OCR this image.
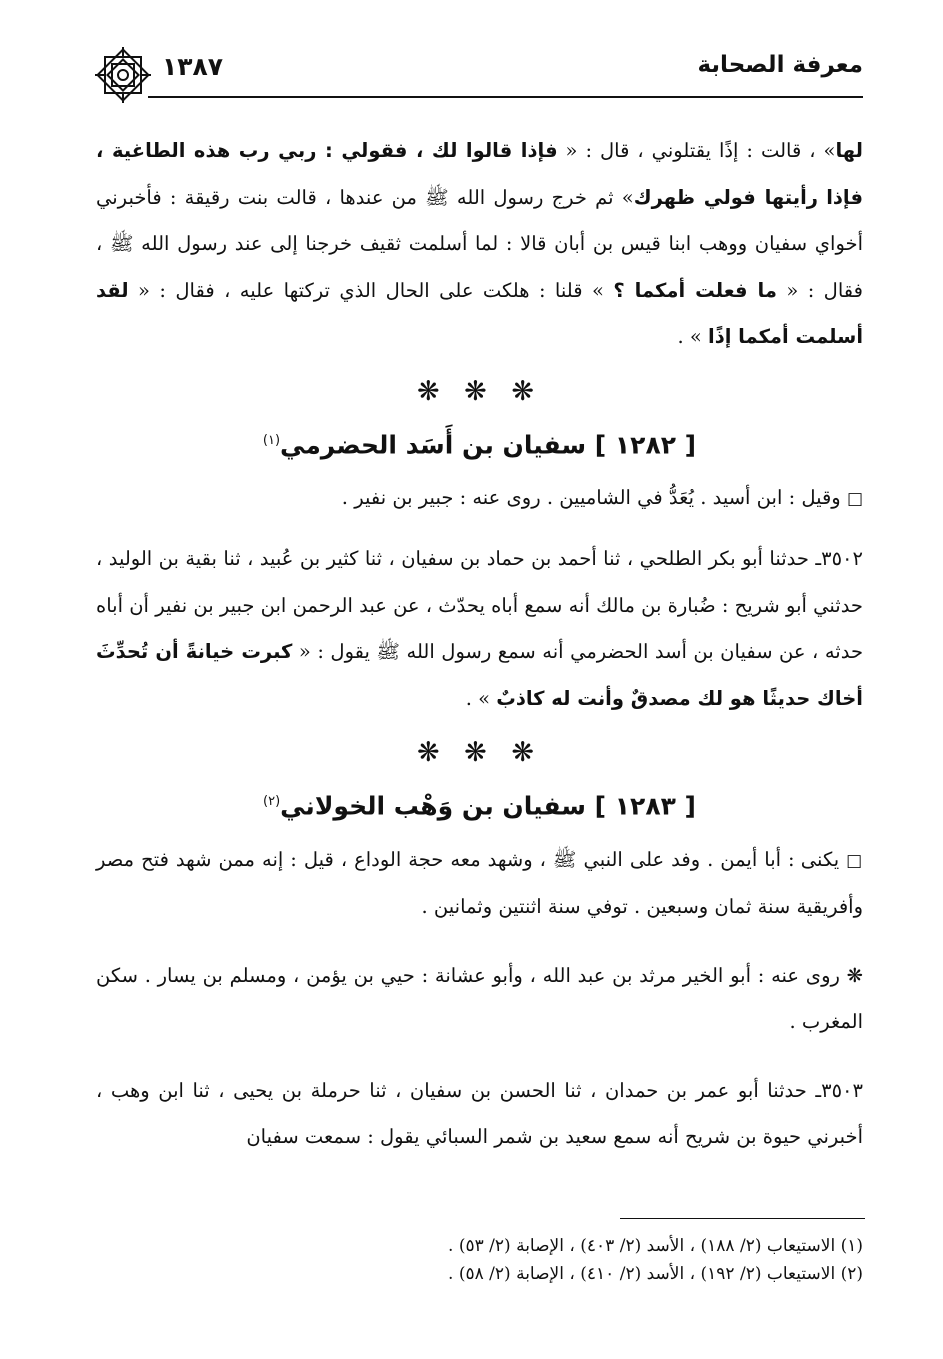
معرفة الصحابة
١٣٨٧

لها» ، قالت : إذًا يقتلوني ، قال : « فإذا قالوا لك ، فقولي : ربي رب هذه الطاغية ، فإذا رأيتها فولي ظهرك» ثم خرج رسول الله ﷺ من عندها ، قالت بنت رقيقة : فأخبرني أخواي سفيان ووهب ابنا قيس بن أبان قالا : لما أسلمت ثقيف خرجنا إلى عند رسول الله ﷺ ، فقال : « ما فعلت أمكما ؟ » قلنا : هلكت على الحال الذي تركتها عليه ، فقال : « لقد أسلمت أمكما إذًا » .

❋ ❋ ❋
[ ١٢٨٢ ] سفيان بن أَسَد الحضرمي$^{(١)}$

□ وقيل : ابن أسيد . يُعَدُّ في الشاميين . روى عنه : جبير بن نفير .

٣٥٠٢ـ حدثنا أبو بكر الطلحي ، ثنا أحمد بن حماد بن سفيان ، ثنا كثير بن عُبيد ، ثنا بقية بن الوليد ، حدثني أبو شريح : ضُبارة بن مالك أنه سمع أباه يحدّث ، عن عبد الرحمن ابن جبير بن نفير أن أباه حدثه ، عن سفيان بن أسد الحضرمي أنه سمع رسول الله ﷺ يقول : « كبرت خيانةً أن تُحدِّثَ أخاك حديثًا هو لك مصدقٌ وأنت له كاذبٌ » .

❋ ❋ ❋
[ ١٢٨٣ ] سفيان بن وَهْب الخولاني$^{(٢)}$

□ يكنى : أبا أيمن . وفد على النبي ﷺ ، وشهد معه حجة الوداع ، قيل : إنه ممن شهد فتح مصر وأفريقية سنة ثمان وسبعين . توفي سنة اثنتين وثمانين .

❋ روى عنه : أبو الخير مرثد بن عبد الله ، وأبو عشانة : حيي بن يؤمن ، ومسلم بن يسار . سكن المغرب .

٣٥٠٣ـ حدثنا أبو عمر بن حمدان ، ثنا الحسن بن سفيان ، ثنا حرملة بن يحيى ، ثنا ابن وهب ، أخبرني حيوة بن شريح أنه سمع سعيد بن شمر السبائي يقول : سمعت سفيان

(١) الاستيعاب (٢/ ١٨٨) ، الأسد (٢/ ٤٠٣) ، الإصابة (٢/ ٥٣) .

(٢) الاستيعاب (٢/ ١٩٢) ، الأسد (٢/ ٤١٠) ، الإصابة (٢/ ٥٨) .
